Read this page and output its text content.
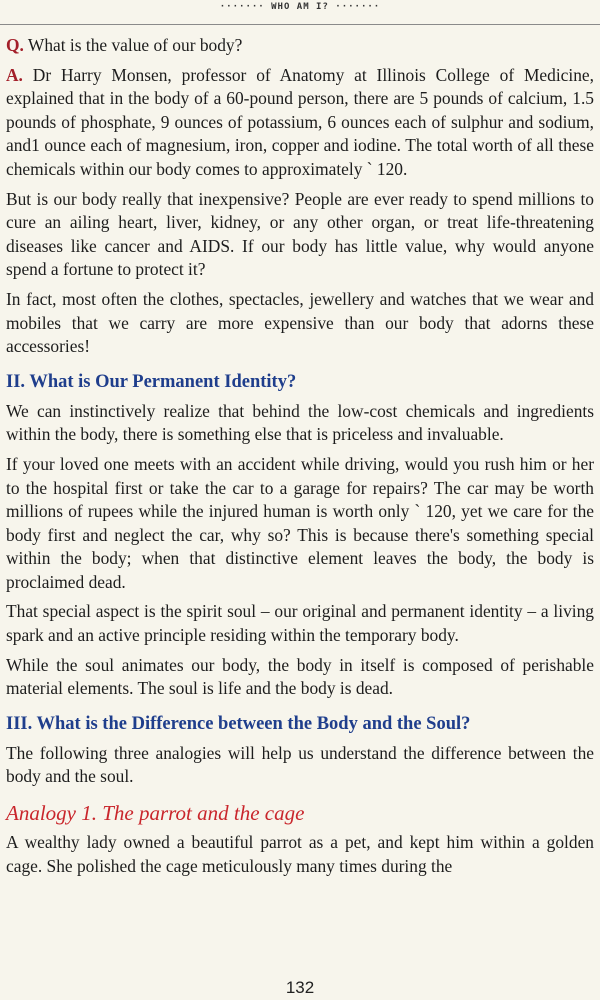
······· WHO AM I? ·······

Q. What is the value of our body?

A. Dr Harry Monsen, professor of Anatomy at Illinois College of Medicine, explained that in the body of a 60-pound person, there are 5 pounds of calcium, 1.5 pounds of phosphate, 9 ounces of potassium, 6 ounces each of sulphur and sodium, and1 ounce each of magnesium, iron, copper and iodine. The total worth of all these chemicals within our body comes to approximately ` 120.

But is our body really that inexpensive? People are ever ready to spend millions to cure an ailing heart, liver, kidney, or any other organ, or treat life-threatening diseases like cancer and AIDS. If our body has little value, why would anyone spend a fortune to protect it?

In fact, most often the clothes, spectacles, jewellery and watches that we wear and mobiles that we carry are more expensive than our body that adorns these accessories!

II. What is Our Permanent Identity?

We can instinctively realize that behind the low-cost chemicals and ingredients within the body, there is something else that is priceless and invaluable.

If your loved one meets with an accident while driving, would you rush him or her to the hospital first or take the car to a garage for repairs? The car may be worth millions of rupees while the injured human is worth only ` 120, yet we care for the body first and neglect the car, why so? This is because there's something special within the body; when that distinctive element leaves the body, the body is proclaimed dead.

That special aspect is the spirit soul – our original and permanent identity – a living spark and an active principle residing within the temporary body.

While the soul animates our body, the body in itself is composed of perishable material elements. The soul is life and the body is dead.

III. What is the Difference between the Body and the Soul?

The following three analogies will help us understand the difference between the body and the soul.

Analogy 1. The parrot and the cage

A wealthy lady owned a beautiful parrot as a pet, and kept him within a golden cage. She polished the cage meticulously many times during the

132
